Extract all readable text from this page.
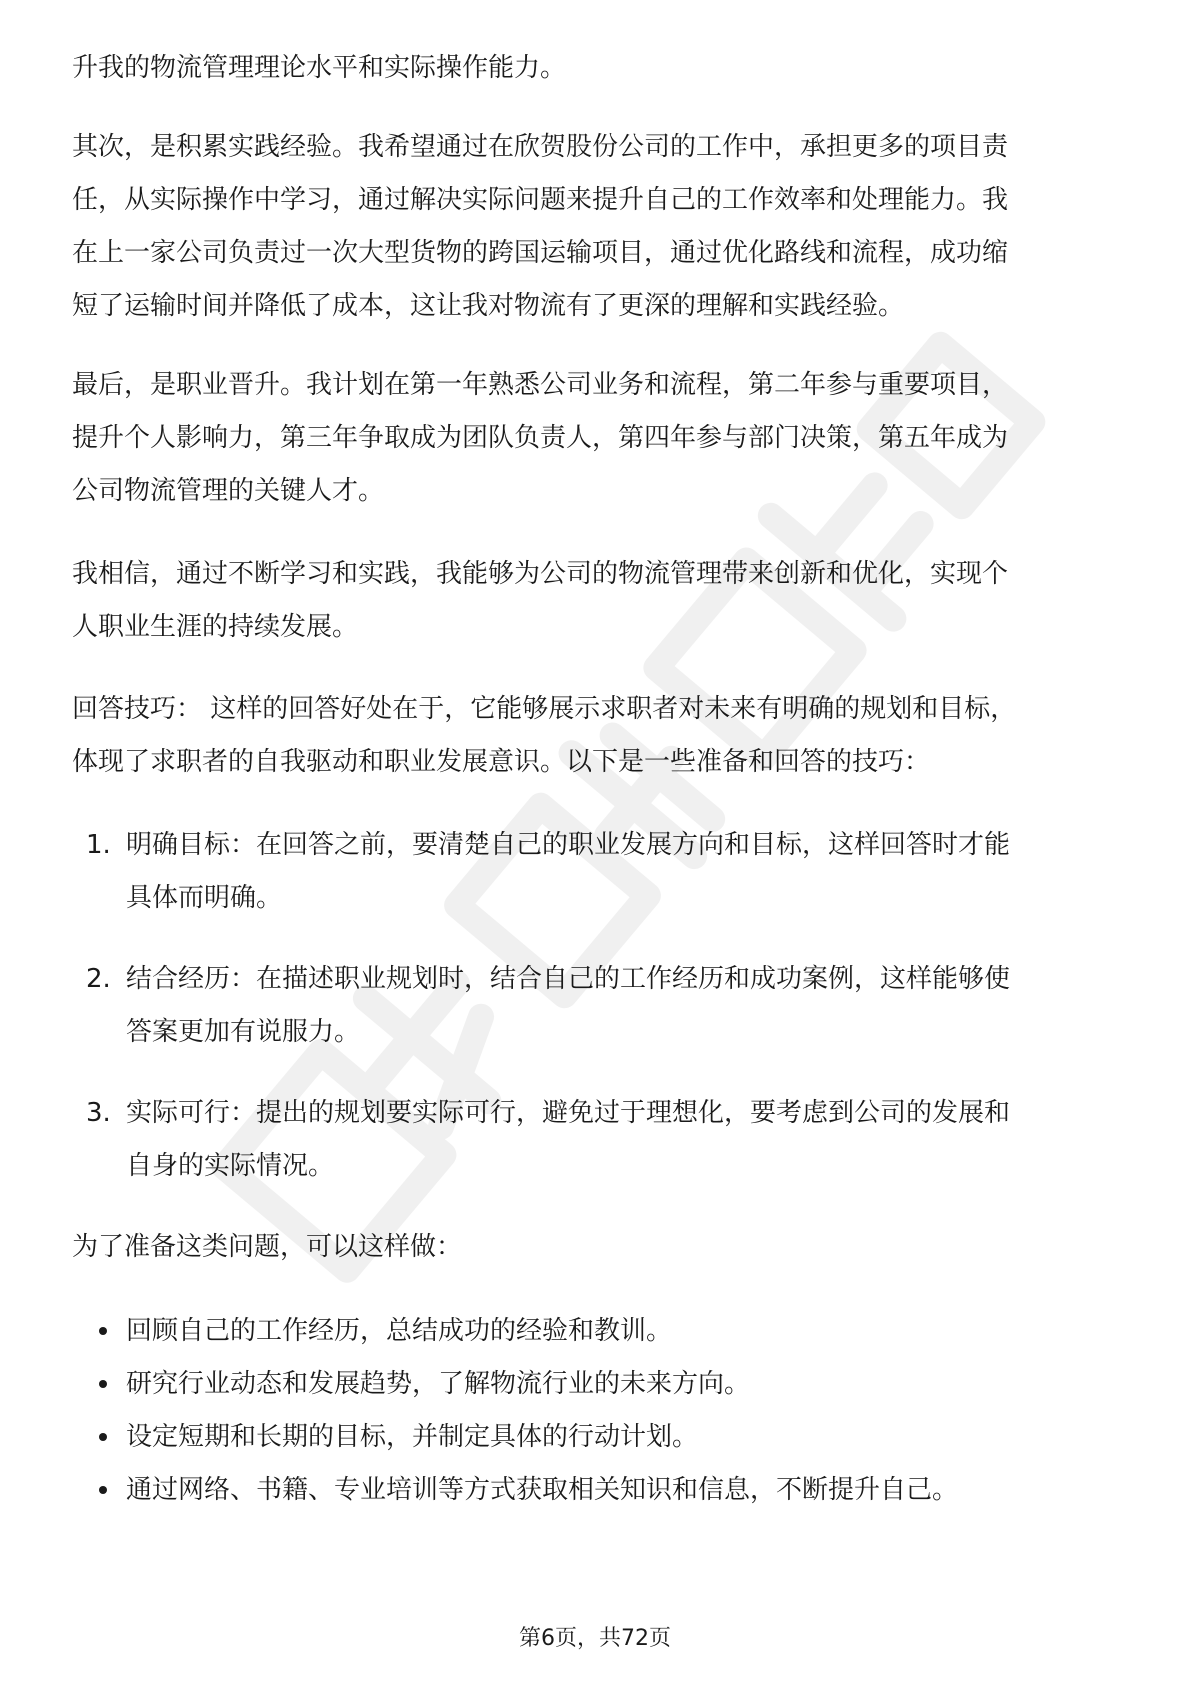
升我的物流管理理论水平和实际操作能力。
其次，是积累实践经验。我希望通过在欣贺股份公司的工作中，承担更多的项目责
任，从实际操作中学习，通过解决实际问题来提升自己的工作效率和处理能力。我
在上一家公司负责过一次大型货物的跨国运输项目，通过优化路线和流程，成功缩
短了运输时间并降低了成本，这让我对物流有了更深的理解和实践经验。
最后，是职业晋升。我计划在第一年熟悉公司业务和流程，第二年参与重要项目，
提升个人影响力，第三年争取成为团队负责人，第四年参与部门决策，第五年成为
公司物流管理的关键人才。
我相信，通过不断学习和实践，我能够为公司的物流管理带来创新和优化，实现个
人职业生涯的持续发展。
回答技巧： 这样的回答好处在于，它能够展示求职者对未来有明确的规划和目标，
体现了求职者的自我驱动和职业发展意识。以下是一些准备和回答的技巧：
1. 明确目标：在回答之前，要清楚自己的职业发展方向和目标，这样回答时才能
具体而明确。
2. 结合经历：在描述职业规划时，结合自己的工作经历和成功案例，这样能够使
答案更加有说服力。
3. 实际可行：提出的规划要实际可行，避免过于理想化，要考虑到公司的发展和
自身的实际情况。
为了准备这类问题，可以这样做：
回顾自己的工作经历，总结成功的经验和教训。
研究行业动态和发展趋势，了解物流行业的未来方向。
设定短期和长期的目标，并制定具体的行动计划。
通过网络、书籍、专业培训等方式获取相关知识和信息，不断提升自己。
第6页，共72页
